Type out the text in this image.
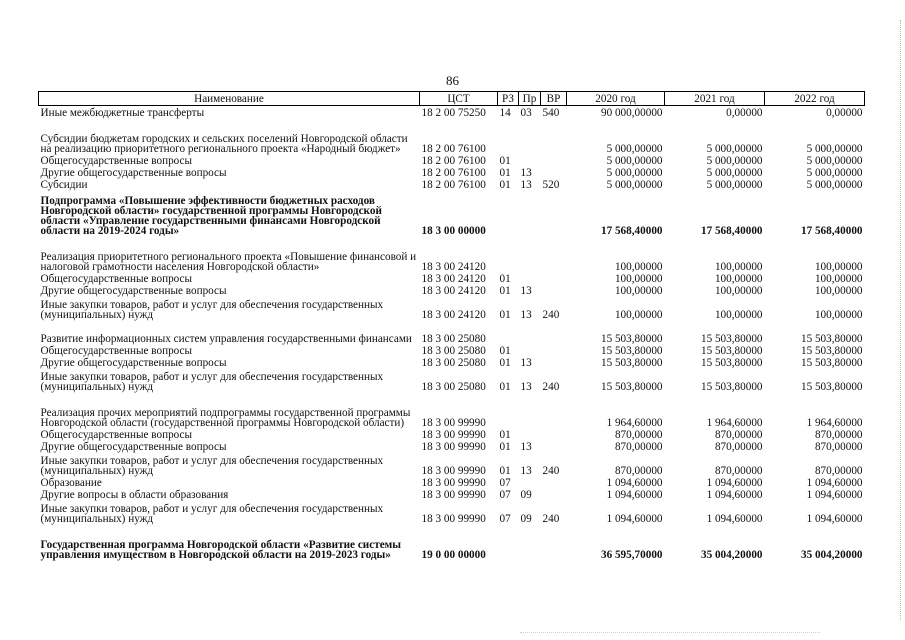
86
Наименование	ЦСТ	РЗ	Пр	ВР	2020 год	2021 год	2022 год
Иные межбюджетные трансферты	18 2 00 75250	14	03	540	90 000,00000	0,00000	0,00000
Субсидии бюджетам городских и сельских поселений Новгородской области на реализацию приоритетного регионального проекта «Народный бюджет»	18 2 00 76100				5 000,00000	5 000,00000	5 000,00000
Общегосударственные вопросы	18 2 00 76100	01			5 000,00000	5 000,00000	5 000,00000
Другие общегосударственные вопросы	18 2 00 76100	01	13		5 000,00000	5 000,00000	5 000,00000
Субсидии	18 2 00 76100	01	13	520	5 000,00000	5 000,00000	5 000,00000
Подпрограмма «Повышение эффективности бюджетных расходов Новгородской области» государственной программы Новгородской области «Управление государственными финансами Новгородской области на 2019-2024 годы»	18 3 00 00000				17 568,40000	17 568,40000	17 568,40000
Реализация приоритетного регионального проекта «Повышение финансовой и налоговой грамотности населения Новгородской области»	18 3 00 24120				100,00000	100,00000	100,00000
Общегосударственные вопросы	18 3 00 24120	01			100,00000	100,00000	100,00000
Другие общегосударственные вопросы	18 3 00 24120	01	13		100,00000	100,00000	100,00000
Иные закупки товаров, работ и услуг для обеспечения государственных (муниципальных) нужд	18 3 00 24120	01	13	240	100,00000	100,00000	100,00000
Развитие информационных систем управления государственными финансами	18 3 00 25080				15 503,80000	15 503,80000	15 503,80000
Общегосударственные вопросы	18 3 00 25080	01			15 503,80000	15 503,80000	15 503,80000
Другие общегосударственные вопросы	18 3 00 25080	01	13		15 503,80000	15 503,80000	15 503,80000
Иные закупки товаров, работ и услуг для обеспечения государственных (муниципальных) нужд	18 3 00 25080	01	13	240	15 503,80000	15 503,80000	15 503,80000
Реализация прочих мероприятий подпрограммы государственной программы Новгородской области (государственной программы Новгородской области)	18 3 00 99990				1 964,60000	1 964,60000	1 964,60000
Общегосударственные вопросы	18 3 00 99990	01			870,00000	870,00000	870,00000
Другие общегосударственные вопросы	18 3 00 99990	01	13		870,00000	870,00000	870,00000
Иные закупки товаров, работ и услуг для обеспечения государственных (муниципальных) нужд	18 3 00 99990	01	13	240	870,00000	870,00000	870,00000
Образование	18 3 00 99990	07			1 094,60000	1 094,60000	1 094,60000
Другие вопросы в области образования	18 3 00 99990	07	09		1 094,60000	1 094,60000	1 094,60000
Иные закупки товаров, работ и услуг для обеспечения государственных (муниципальных) нужд	18 3 00 99990	07	09	240	1 094,60000	1 094,60000	1 094,60000
Государственная программа Новгородской области «Развитие системы управления имуществом в Новгородской области на 2019-2023 годы»	19 0 00 00000				36 595,70000	35 004,20000	35 004,20000
